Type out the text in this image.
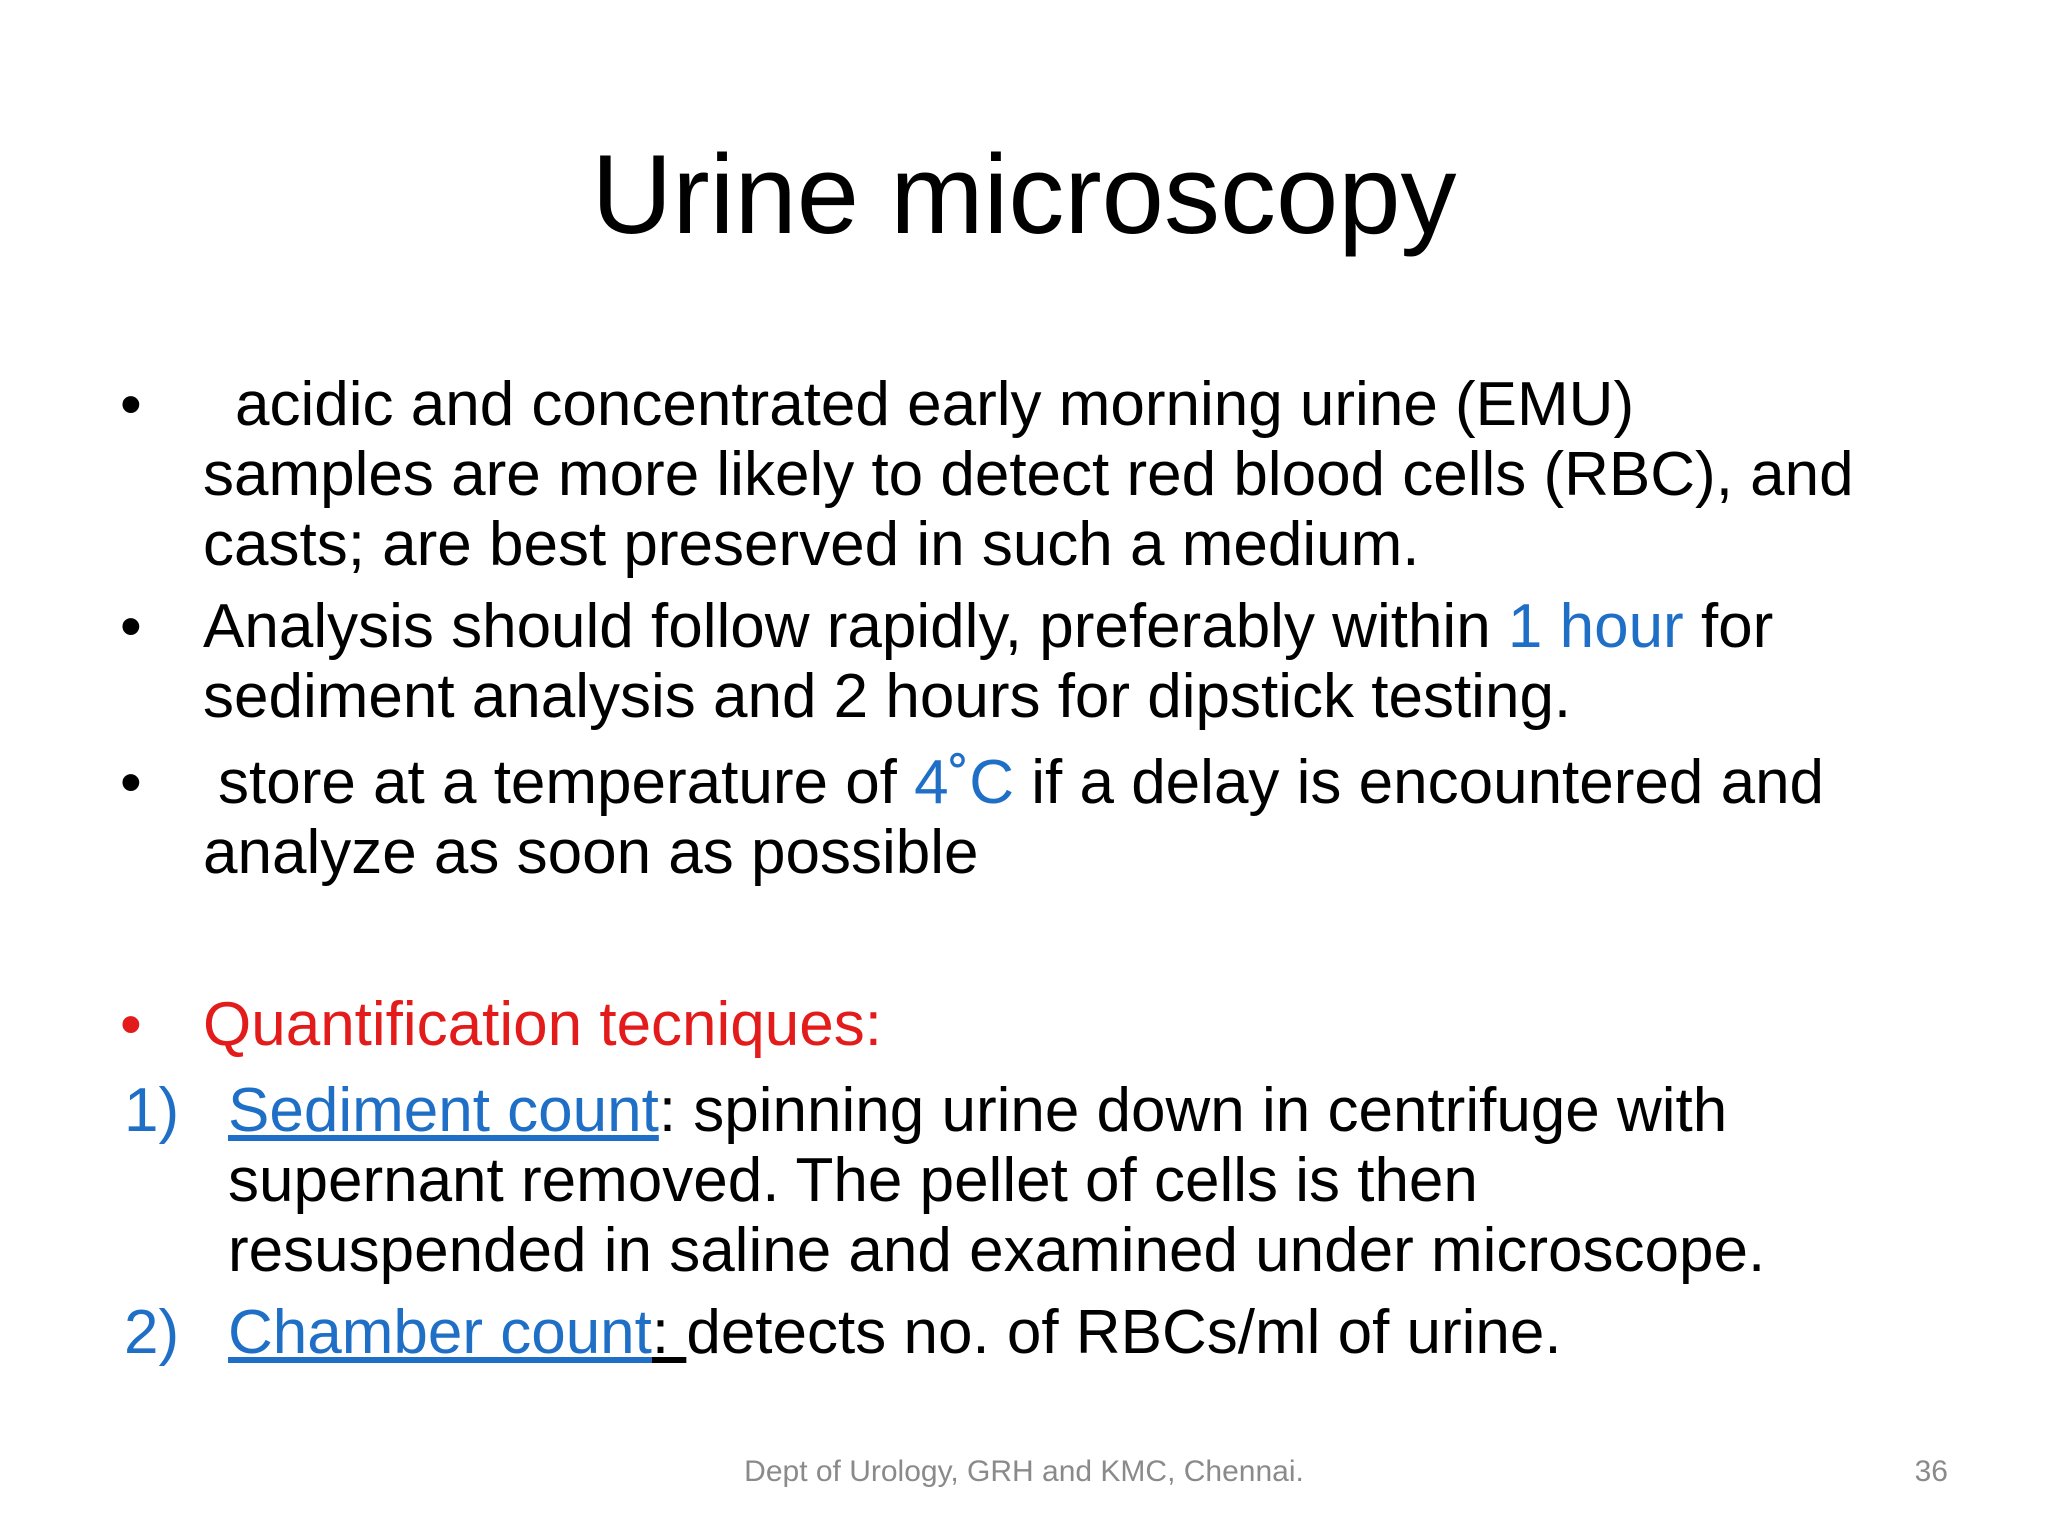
Urine microscopy
• acidic and concentrated early morning urine (EMU)
samples are more likely to detect red blood cells (RBC), and
casts; are best preserved in such a medium.
• Analysis should follow rapidly, preferably within 1 hour for
sediment analysis and 2 hours for dipstick testing.
• store at a temperature of 4˚C if a delay is encountered and
analyze as soon as possible
• Quantification tecniques:
1) Sediment count: spinning urine down in centrifuge with
supernant removed. The pellet of cells is then
resuspended in saline and examined under microscope.
2) Chamber count: detects no. of RBCs/ml of urine.
Dept of Urology, GRH and KMC, Chennai.	36
